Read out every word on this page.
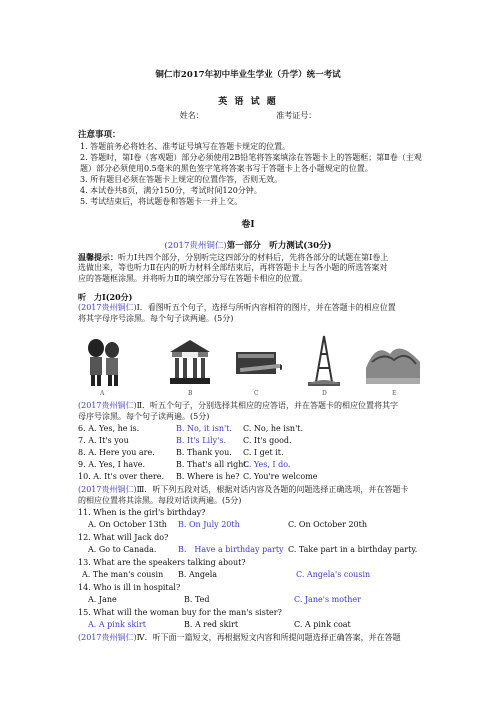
铜仁市2017年初中毕业生学业（升学）统一考试
英 语 试 题
姓名：	准考证号：
注意事项：
1. 答题前务必将姓名、准考证号填写在答题卡规定的位置。
2. 答题时，第Ⅰ卷（客观题）部分必须使用2B铅笔将答案填涂在答题卡上的答题框；第Ⅱ卷（主观
题）部分必须使用0.5毫米的黑色签字笔将答案书写于答题卡上各小题规定的位置。
3. 所有题目必须在答题卡上规定的位置作答，否则无效。
4. 本试卷共8页，满分150分，考试时间120分钟。
5. 考试结束后，将试题卷和答题卡一并上交。
卷Ⅰ
(2017贵州铜仁)第一部分　听力测试(30分)
温馨提示：听力Ⅰ共四个部分，分别听完这四部分的材料后，先将各部分的试题在第Ⅰ卷上
选做出来，等也听力Ⅱ在内的听力材料全部结束后，再将答题卡上与各小题的所选答案对
应的答题框涂黑。并将听力Ⅱ的填空部分写在答题卡相应的位置。
听　力Ⅰ(20分)
(2017贵州铜仁)Ⅰ．看图听五个句子，选择与所听内容相符的图片，并在答题卡的相应位置
将其字母序号涂黑。每个句子读两遍。(5分)
A	B	C	D	E
(2017贵州铜仁)Ⅱ．听五个句子，分别选择其相应的应答语，并在答题卡的相应位置将其字
母序号涂黑。每个句子读两遍。(5分)
6. A. Yes, he is.	B. No, it isn't. C. No, he isn't.
7. A. It's you	B. It's Lily's. C. It's good.
8. A. Here you are.	B. Thank you. C. I get it.
9. A. Yes, I have.	B. That's all right.
C. Yes, I do.
10. A. It's over there. B. Where is he? C. You're welcome
(2017贵州铜仁)Ⅲ．听下列五段对话，根据对话内容及各题的问题选择正确选项，并在答题卡
的相应位置将其涂黑。每段对话读两遍。(5分)
11. When is the girl's birthday?
A. On October 13th B. On July 20th	C. On October 20th
12. What will Jack do?
A. Go to Canada.	B.　Have a birthday party C. Take part in a birthday party.
13. What are the speakers talking about?
A. The man's cousin B. Angela	C. Angela's cousin
14. Who is ill in hospital?
A. Jane	B. Ted	C. Jane's mother
15. What will the woman buy for the man's sister?
A. A pink skirt	B. A red skirt	C. A pink coat
(2017贵州铜仁)Ⅳ．听下面一篇短文，再根据短文内容和所提问题选择正确答案，并在答题
